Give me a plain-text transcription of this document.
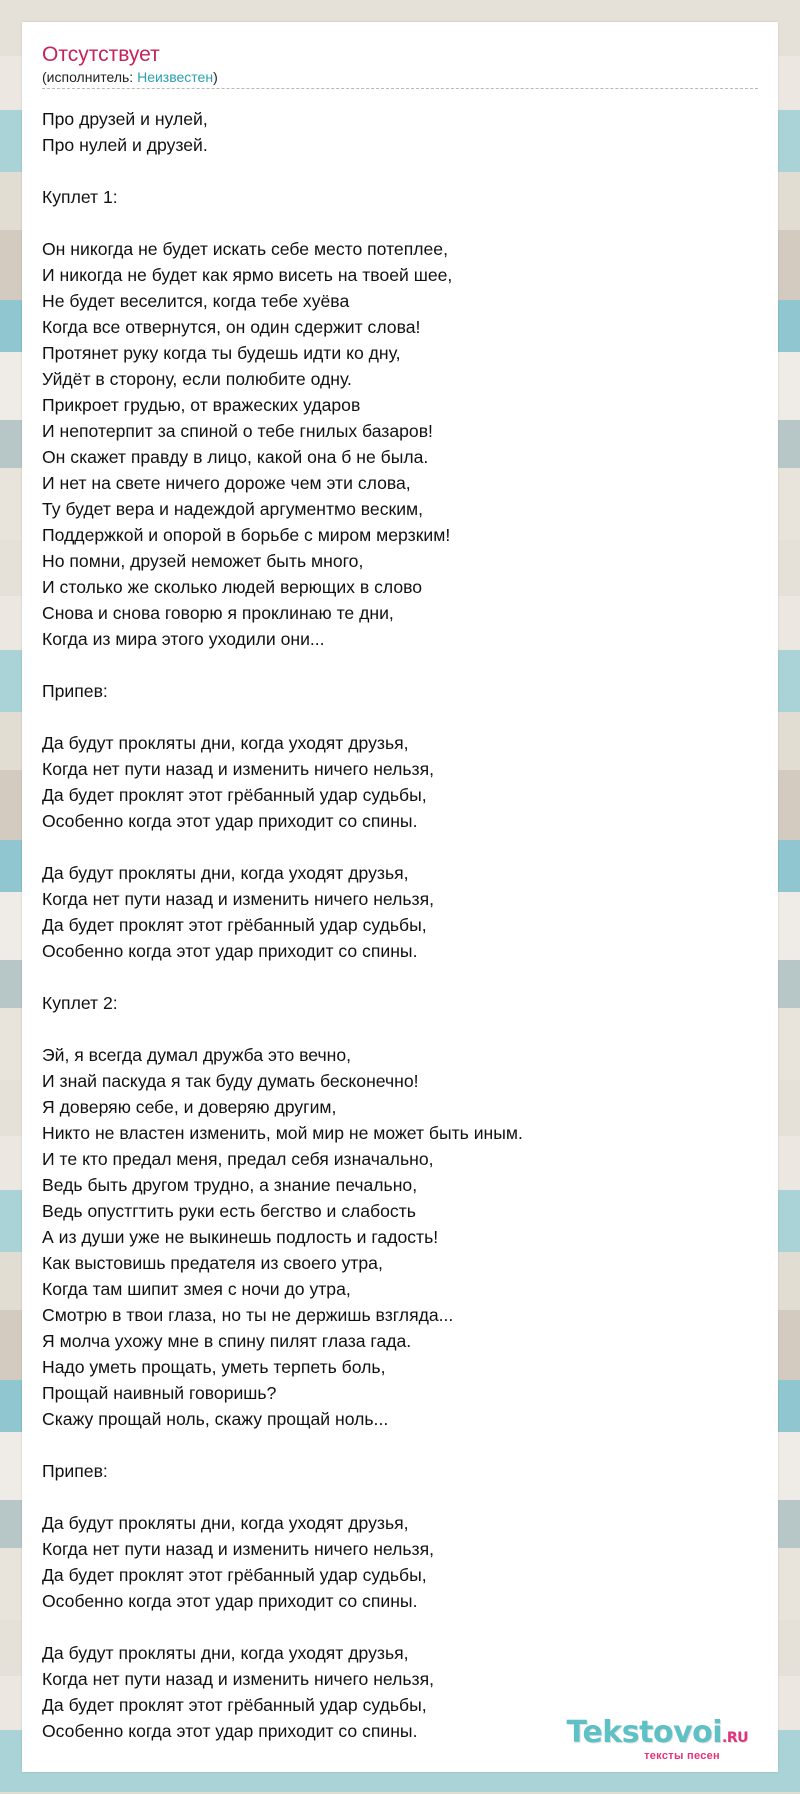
Отсутствует
(исполнитель: Неизвестен)
Про друзей и нулей,
Про нулей и друзей.
Куплет 1:
Он никогда не будет искать себе место потеплее,
И никогда не будет как ярмо висеть на твоей шее,
Не будет веселится, когда тебе хуёва
Когда все отвернутся, он один сдержит слова!
Протянет руку когда ты будешь идти ко дну,
Уйдёт в сторону, если полюбите одну.
Прикроет грудью, от вражеских ударов
И непотерпит за спиной о тебе гнилых базаров!
Он скажет правду в лицо, какой она б не была.
И нет на свете ничего дороже чем эти слова,
Ту будет вера и надеждой аргументмо веским,
Поддержкой и опорой в борьбе с миром мерзким!
Но помни, друзей неможет быть много,
И столько же сколько людей верющих в слово
Снова и снова говорю я проклинаю те дни,
Когда из мира этого уходили они...
Припев:
Да будут прокляты дни, когда уходят друзья,
Когда нет пути назад и изменить ничего нельзя,
Да будет проклят этот грёбанный удар судьбы,
Особенно когда этот удар приходит со спины.
Да будут прокляты дни, когда уходят друзья,
Когда нет пути назад и изменить ничего нельзя,
Да будет проклят этот грёбанный удар судьбы,
Особенно когда этот удар приходит со спины.
Куплет 2:
Эй, я всегда думал дружба это вечно,
И знай паскуда я так буду думать бесконечно!
Я доверяю себе, и доверяю другим,
Никто не властен изменить, мой мир не может быть иным.
И те кто предал меня, предал себя изначально,
Ведь быть другом трудно, а знание печально,
Ведь опустгтить руки есть бегство и слабость
А из души уже не выкинешь подлость и гадость!
Как выстовишь предателя из своего утра,
Когда там шипит змея с ночи до утра,
Смотрю в твои глаза, но ты не держишь взгляда...
Я молча ухожу мне в спину пилят глаза гада.
Надо уметь прощать, уметь терпеть боль,
Прощай наивный говоришь?
Скажу прощай ноль, скажу прощай ноль...
Припев:
Да будут прокляты дни, когда уходят друзья,
Когда нет пути назад и изменить ничего нельзя,
Да будет проклят этот грёбанный удар судьбы,
Особенно когда этот удар приходит со спины.
Да будут прокляты дни, когда уходят друзья,
Когда нет пути назад и изменить ничего нельзя,
Да будет проклят этот грёбанный удар судьбы,
Особенно когда этот удар приходит со спины.	Tekstovoi.RU
тексты песен
